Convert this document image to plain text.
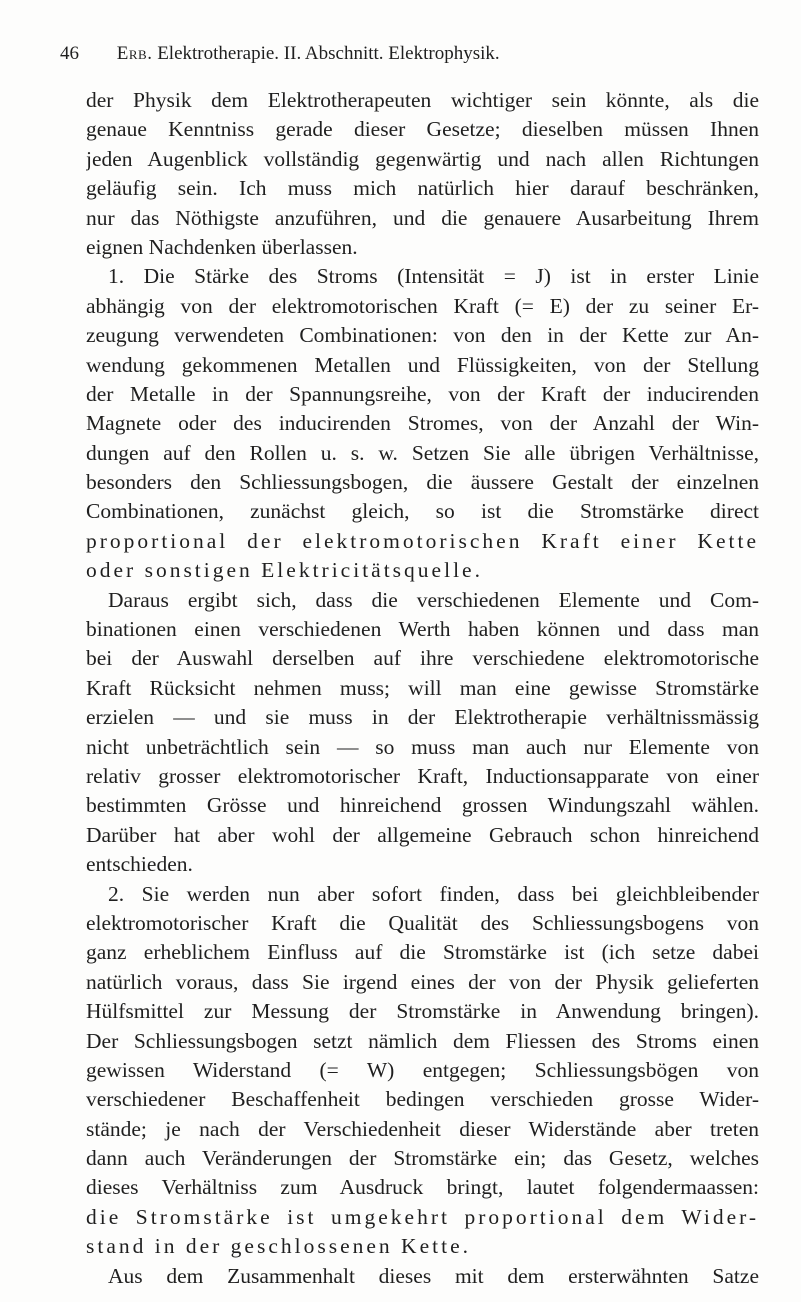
46 Erb. Elektrotherapie. II. Abschnitt. Elektrophysik.
der Physik dem Elektrotherapeuten wichtiger sein könnte, als die
genaue Kenntniss gerade dieser Gesetze; dieselben müssen Ihnen
jeden Augenblick vollständig gegenwärtig und nach allen Richtungen
geläufig sein. Ich muss mich natürlich hier darauf beschränken,
nur das Nöthigste anzuführen, und die genauere Ausarbeitung Ihrem
eignen Nachdenken überlassen.
1. Die Stärke des Stroms (Intensität = J) ist in erster Linie
abhängig von der elektromotorischen Kraft (= E) der zu seiner Er-
zeugung verwendeten Combinationen: von den in der Kette zur An-
wendung gekommenen Metallen und Flüssigkeiten, von der Stellung
der Metalle in der Spannungsreihe, von der Kraft der inducirenden
Magnete oder des inducirenden Stromes, von der Anzahl der Win-
dungen auf den Rollen u. s. w. Setzen Sie alle übrigen Verhältnisse,
besonders den Schliessungsbogen, die äussere Gestalt der einzelnen
Combinationen, zunächst gleich, so ist die Stromstärke direct
proportional der elektromotorischen Kraft einer Kette
oder sonstigen Elektricitätsquelle.
Daraus ergibt sich, dass die verschiedenen Elemente und Com-
binationen einen verschiedenen Werth haben können und dass man
bei der Auswahl derselben auf ihre verschiedene elektromotorische
Kraft Rücksicht nehmen muss; will man eine gewisse Stromstärke
erzielen — und sie muss in der Elektrotherapie verhältnissmässig
nicht unbeträchtlich sein — so muss man auch nur Elemente von
relativ grosser elektromotorischer Kraft, Inductionsapparate von einer
bestimmten Grösse und hinreichend grossen Windungszahl wählen.
Darüber hat aber wohl der allgemeine Gebrauch schon hinreichend
entschieden.
2. Sie werden nun aber sofort finden, dass bei gleichbleibender
elektromotorischer Kraft die Qualität des Schliessungsbogens von
ganz erheblichem Einfluss auf die Stromstärke ist (ich setze dabei
natürlich voraus, dass Sie irgend eines der von der Physik gelieferten
Hülfsmittel zur Messung der Stromstärke in Anwendung bringen).
Der Schliessungsbogen setzt nämlich dem Fliessen des Stroms einen
gewissen Widerstand (= W) entgegen; Schliessungsbögen von
verschiedener Beschaffenheit bedingen verschieden grosse Wider-
stände; je nach der Verschiedenheit dieser Widerstände aber treten
dann auch Veränderungen der Stromstärke ein; das Gesetz, welches
dieses Verhältniss zum Ausdruck bringt, lautet folgendermaassen:
die Stromstärke ist umgekehrt proportional dem Wider-
stand in der geschlossenen Kette.
Aus dem Zusammenhalt dieses mit dem ersterwähnten Satze
